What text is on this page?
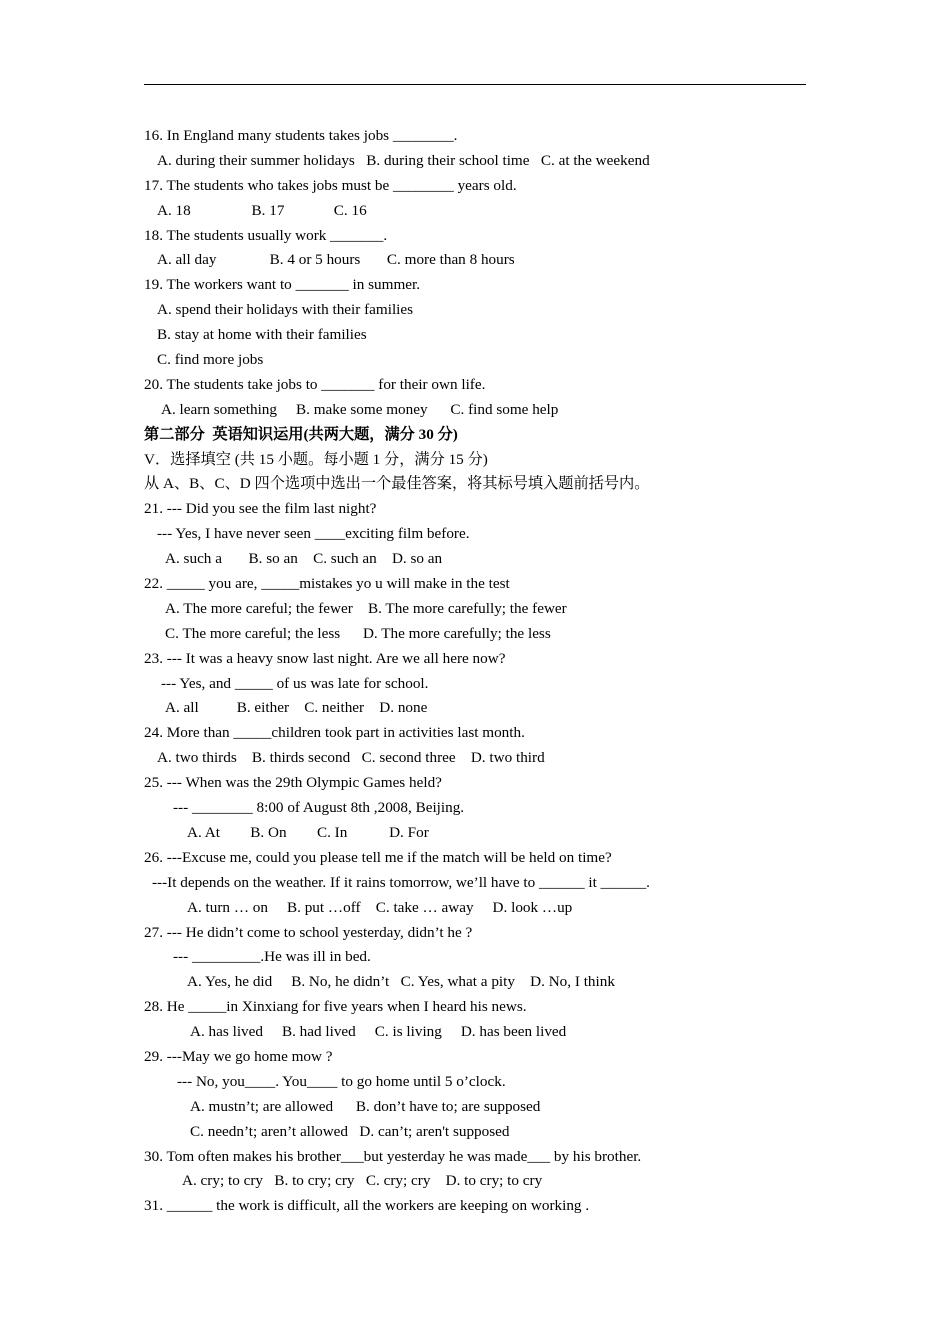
16. In England many students takes jobs ________.
A. during their summer holidays   B. during their school time   C. at the weekend
17. The students who takes jobs must be ________ years old.
A. 18                B. 17             C. 16
18. The students usually work _______.
A. all day              B. 4 or 5 hours       C. more than 8 hours
19. The workers want to _______ in summer.
A. spend their holidays with their families
B. stay at home with their families
C. find more jobs
20. The students take jobs to _______ for their own life.
A. learn something     B. make some money      C. find some help
第二部分  英语知识运用(共两大题，满分 30 分)
V．选择填空 (共 15 小题。每小题 1 分，满分 15 分)
从 A、B、C、D 四个选项中选出一个最佳答案，将其标号填入题前括号内。
21. --- Did you see the film last night?
--- Yes, I have never seen ____exciting film before.
A. such a       B. so an    C. such an    D. so an
22. _____ you are, _____mistakes yo u will make in the test
A. The more careful; the fewer    B. The more carefully; the fewer
C. The more careful; the less      D. The more carefully; the less
23. --- It was a heavy snow last night. Are we all here now?
--- Yes, and _____ of us was late for school.
A. all          B. either    C. neither    D. none
24. More than _____children took part in activities last month.
A. two thirds    B. thirds second   C. second three    D. two third
25. --- When was the 29th Olympic Games held?
--- ________ 8:00 of August 8th ,2008, Beijing.
A. At        B. On        C. In           D. For
26. ---Excuse me, could you please tell me if the match will be held on time?
---It depends on the weather. If it rains tomorrow, we’ll have to ______ it ______.
A. turn … on     B. put …off    C. take … away     D. look …up
27. --- He didn’t come to school yesterday, didn’t he ?
--- _________.He was ill in bed.
A. Yes, he did     B. No, he didn’t   C. Yes, what a pity    D. No, I think
28. He _____in Xinxiang for five years when I heard his news.
A. has lived     B. had lived     C. is living     D. has been lived
29. ---May we go home mow ?
--- No, you____. You____ to go home until 5 o’clock.
A. mustn’t; are allowed      B. don’t have to; are supposed
C. needn’t; aren’t allowed   D. can’t; aren't supposed
30. Tom often makes his brother___but yesterday he was made___ by his brother.
A. cry; to cry   B. to cry; cry   C. cry; cry    D. to cry; to cry
31. ______ the work is difficult, all the workers are keeping on working .
